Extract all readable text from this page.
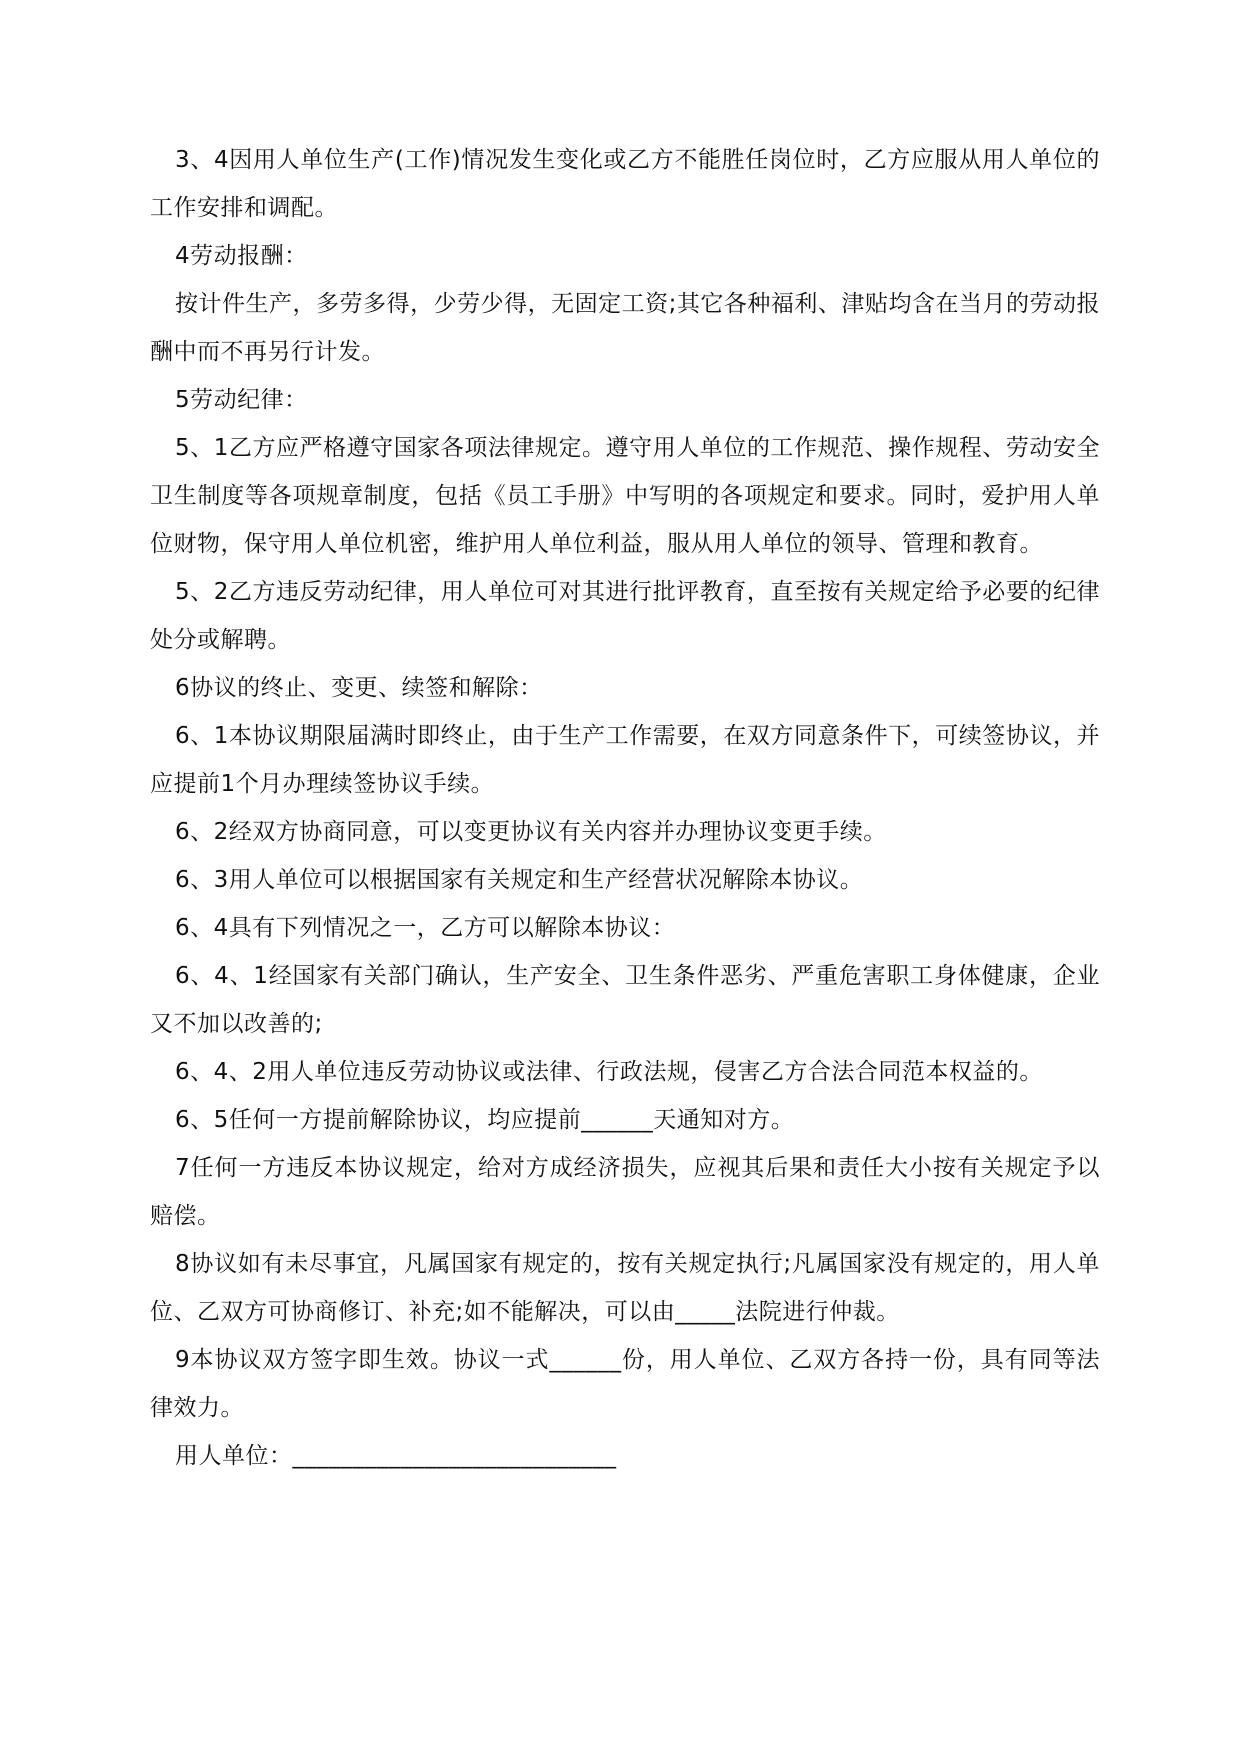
3、4因用人单位生产(工作)情况发生变化或乙方不能胜任岗位时，乙方应服从用人单位的工作安排和调配。

4劳动报酬：

按计件生产，多劳多得，少劳少得，无固定工资;其它各种福利、津贴均含在当月的劳动报酬中而不再另行计发。

5劳动纪律：

5、1乙方应严格遵守国家各项法律规定。遵守用人单位的工作规范、操作规程、劳动安全卫生制度等各项规章制度，包括《员工手册》中写明的各项规定和要求。同时，爱护用人单位财物，保守用人单位机密，维护用人单位利益，服从用人单位的领导、管理和教育。

5、2乙方违反劳动纪律，用人单位可对其进行批评教育，直至按有关规定给予必要的纪律处分或解聘。

6协议的终止、变更、续签和解除：

6、1本协议期限届满时即终止，由于生产工作需要，在双方同意条件下，可续签协议，并应提前1个月办理续签协议手续。

6、2经双方协商同意，可以变更协议有关内容并办理协议变更手续。

6、3用人单位可以根据国家有关规定和生产经营状况解除本协议。

6、4具有下列情况之一，乙方可以解除本协议：

6、4、1经国家有关部门确认，生产安全、卫生条件恶劣、严重危害职工身体健康，企业又不加以改善的;

6、4、2用人单位违反劳动协议或法律、行政法规，侵害乙方合法合同范本权益的。

6、5任何一方提前解除协议，均应提前______天通知对方。

7任何一方违反本协议规定，给对方成经济损失，应视其后果和责任大小按有关规定予以赔偿。

8协议如有未尽事宜，凡属国家有规定的，按有关规定执行;凡属国家没有规定的，用人单位、乙双方可协商修订、补充;如不能解决，可以由_____法院进行仲裁。

9本协议双方签字即生效。协议一式______份，用人单位、乙双方各持一份，具有同等法律效力。

用人单位：___________________________
